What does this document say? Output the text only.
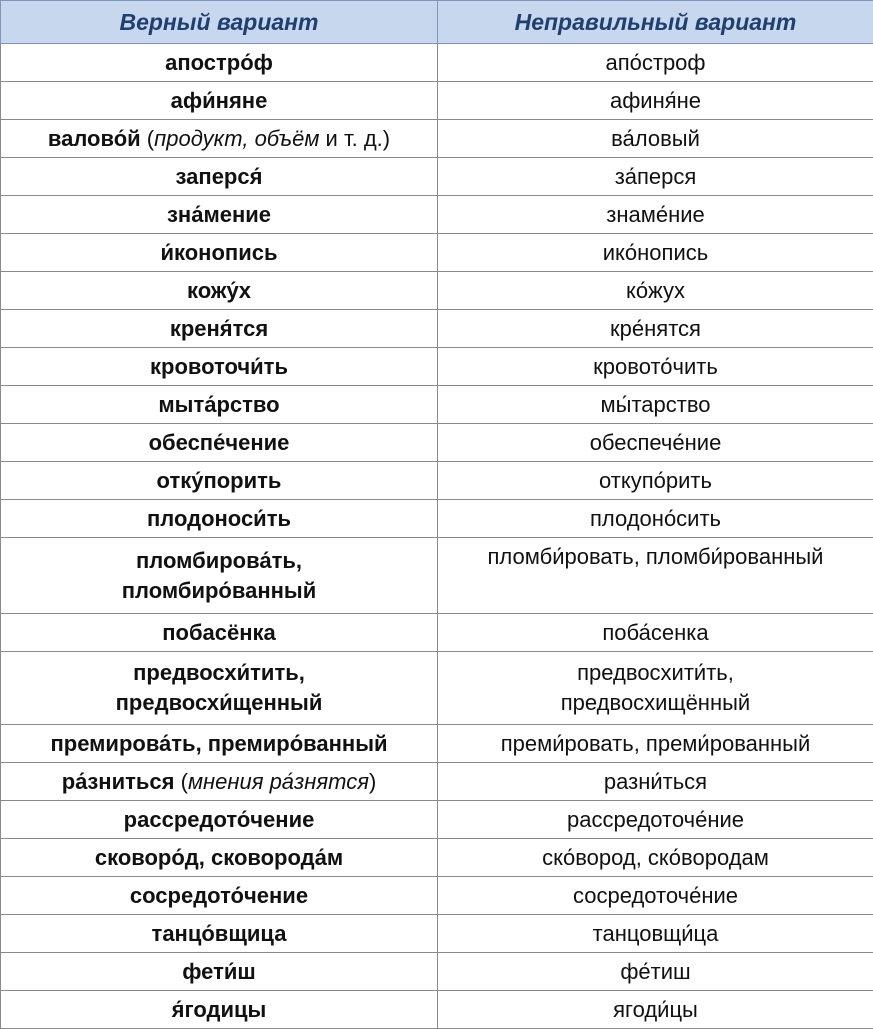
Верный вариант	Неправильный вариант
апостро́ф	апо́строф
афи́няне	афиня́не
валово́й (продукт, объём и т. д.)	ва́ловый
заперся́	за́перся
зна́мение	знаме́ние
и́конопись	ико́нопись
кожу́х	ко́жух
креня́тся	кре́нятся
кровоточи́ть	кровото́чить
мыта́рство	мы́тарство
обеспе́чение	обеспече́ние
отку́порить	откупо́рить
плодоноси́ть	плодоно́сить

пломбирова́ть,
пломбиро́ванный	пломби́ровать, пломби́рованный
побасёнка	поба́сенка

предвосхи́тить,
предвосхи́щенный	предвосхити́ть,
предвосхищённый

премирова́ть, премиро́ванный	преми́ровать, преми́рованный
ра́зниться (мнения ра́знятся)	разни́ться
рассредото́чение	рассредоточе́ние
сковоро́д, сковорода́м	ско́вород, ско́вородам
сосредото́чение	сосредоточе́ние
танцо́вщица	танцовщи́ца
фети́ш	фе́тиш
я́годицы	ягоди́цы
